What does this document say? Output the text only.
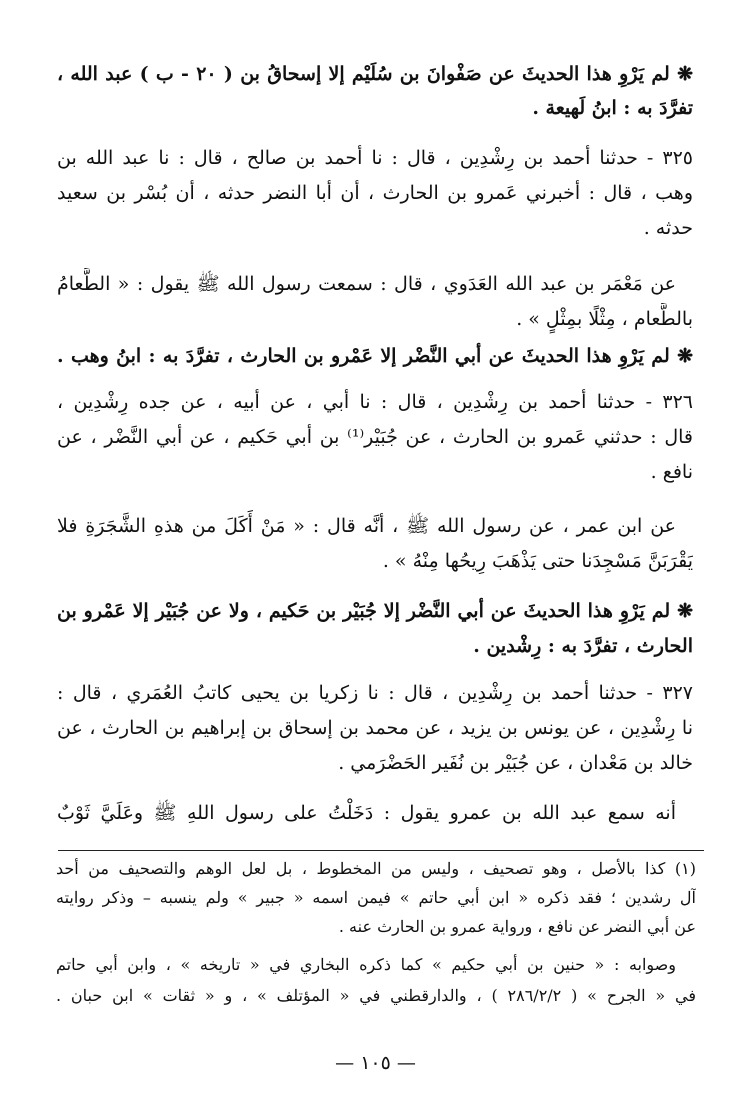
❋ لم يَرْوِ هذا الحديثَ عن صَفْوانَ بن سُلَيْم إلا إسحاقُ بن ( ٢٠ - ب ) عبد الله ،
تفرَّدَ به : ابنُ لَهيعة .
٣٢٥ - حدثنا أحمد بن رِشْدِين ، قال : نا أحمد بن صالح ، قال : نا عبد الله بن
وهب ، قال : أخبرني عَمرو بن الحارث ، أن أبا النضر حدثه ، أن بُسْر بن سعيد
حدثه .
عن مَعْمَر بن عبد الله العَدَوي ، قال : سمعت رسول الله ﷺ يقول : « الطَّعامُ
بالطَّعام ، مِثْلًا بمِثْلٍ » .
❋ لم يَرْوِ هذا الحديثَ عن أبي النَّضْر إلا عَمْرو بن الحارث ، تفرَّدَ به : ابنُ وهب .
٣٢٦ - حدثنا أحمد بن رِشْدِين ، قال : نا أبي ، عن أبيه ، عن جده رِشْدِين ،
قال : حدثني عَمرو بن الحارث ، عن جُبَيْر⁽¹⁾ بن أبي حَكيم ، عن أبي النَّضْر ، عن
نافع .
عن ابن عمر ، عن رسول الله ﷺ ، أنَّه قال : « مَنْ أَكَلَ من هذهِ الشَّجَرَةِ فلا
يَقْرَبَنَّ مَسْجِدَنا حتى يَذْهَبَ رِيحُها مِنْهُ » .
❋ لم يَرْوِ هذا الحديثَ عن أبي النَّضْر إلا جُبَيْر بن حَكيم ، ولا عن جُبَيْر إلا عَمْرو بن
الحارث ، تفرَّدَ به : رِشْدين .
٣٢٧ - حدثنا أحمد بن رِشْدِين ، قال : نا زكريا بن يحيى كاتبُ العُمَري ، قال :
نا رِشْدِين ، عن يونس بن يزيد ، عن محمد بن إسحاق بن إبراهيم بن الحارث ، عن
خالد بن مَعْدان ، عن جُبَيْر بن نُفَير الحَضْرَمي .
أنه سمع عبد الله بن عمرو يقول : دَخَلْتُ على رسول اللهِ ﷺ وعَلَيَّ ثَوْبٌ
(١) كذا بالأصل ، وهو تصحيف ، وليس من المخطوط ، بل لعل الوهم والتصحيف من أحد
آل رشدين ؛ فقد ذكره « ابن أبي حاتم » فيمن اسمه « جبير » ولم ينسبه – وذكر روايته
عن أبي النضر عن نافع ، ورواية عمرو بن الحارث عنه .
وصوابه : « حنين بن أبي حكيم » كما ذكره البخاري في « تاريخه » ، وابن أبي حاتم
في « الجرح » ( ٢٨٦/٢/٢ ) ، والدارقطني في « المؤتلف » ، و « ثقات » ابن حبان .
— ١٠٥ —
